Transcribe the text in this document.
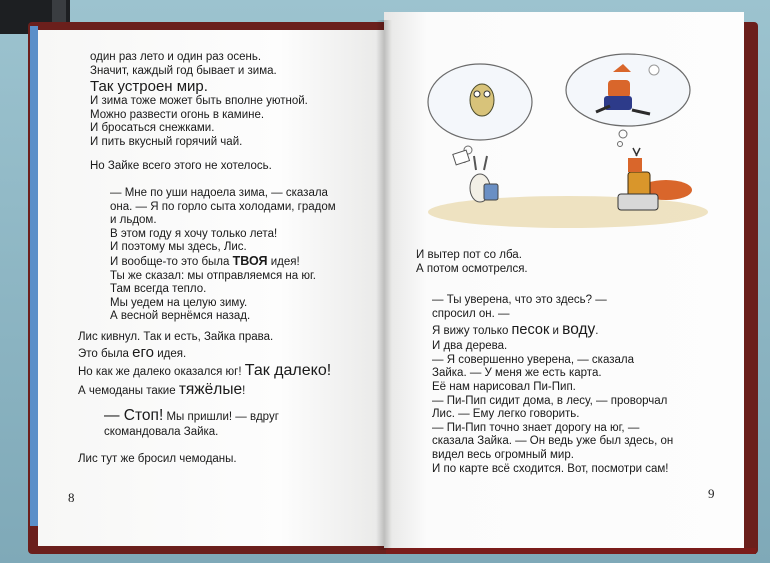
один раз лето и один раз осень.
Значит, каждый год бывает и зима.
Так устроен мир.
И зима тоже может быть вполне уютной.
Можно развести огонь в камине.
И бросаться снежками.
И пить вкусный горячий чай.
Но Зайке всего этого не хотелось.
— Мне по уши надоела зима, — сказала
она. — Я по горло сыта холодами, градом
и льдом.
В этом году я хочу только лета!
И поэтому мы здесь, Лис.
И вообще-то это была ТВОЯ идея!
Ты же сказал: мы отправляемся на юг.
Там всегда тепло.
Мы уедем на целую зиму.
А весной вернёмся назад.
Лис кивнул. Так и есть, Зайка права.
Это была его идея.
Но как же далеко оказался юг! Так далеко!
А чемоданы такие тяжёлые!
— Стоп! Мы пришли! — вдруг
скомандовала Зайка.
Лис тут же бросил чемоданы.
8
И вытер пот со лба.
А потом осмотрелся.
— Ты уверена, что это здесь? —
спросил он. —
Я вижу только песок и воду.
И два дерева.
— Я совершенно уверена, — сказала
Зайка. — У меня же есть карта.
Её нам нарисовал Пи-Пип.
— Пи-Пип сидит дома, в лесу, — проворчал
Лис. — Ему легко говорить.
— Пи-Пип точно знает дорогу на юг, —
сказала Зайка. — Он ведь уже был здесь, он
видел весь огромный мир.
И по карте всё сходится. Вот, посмотри сам!
9
